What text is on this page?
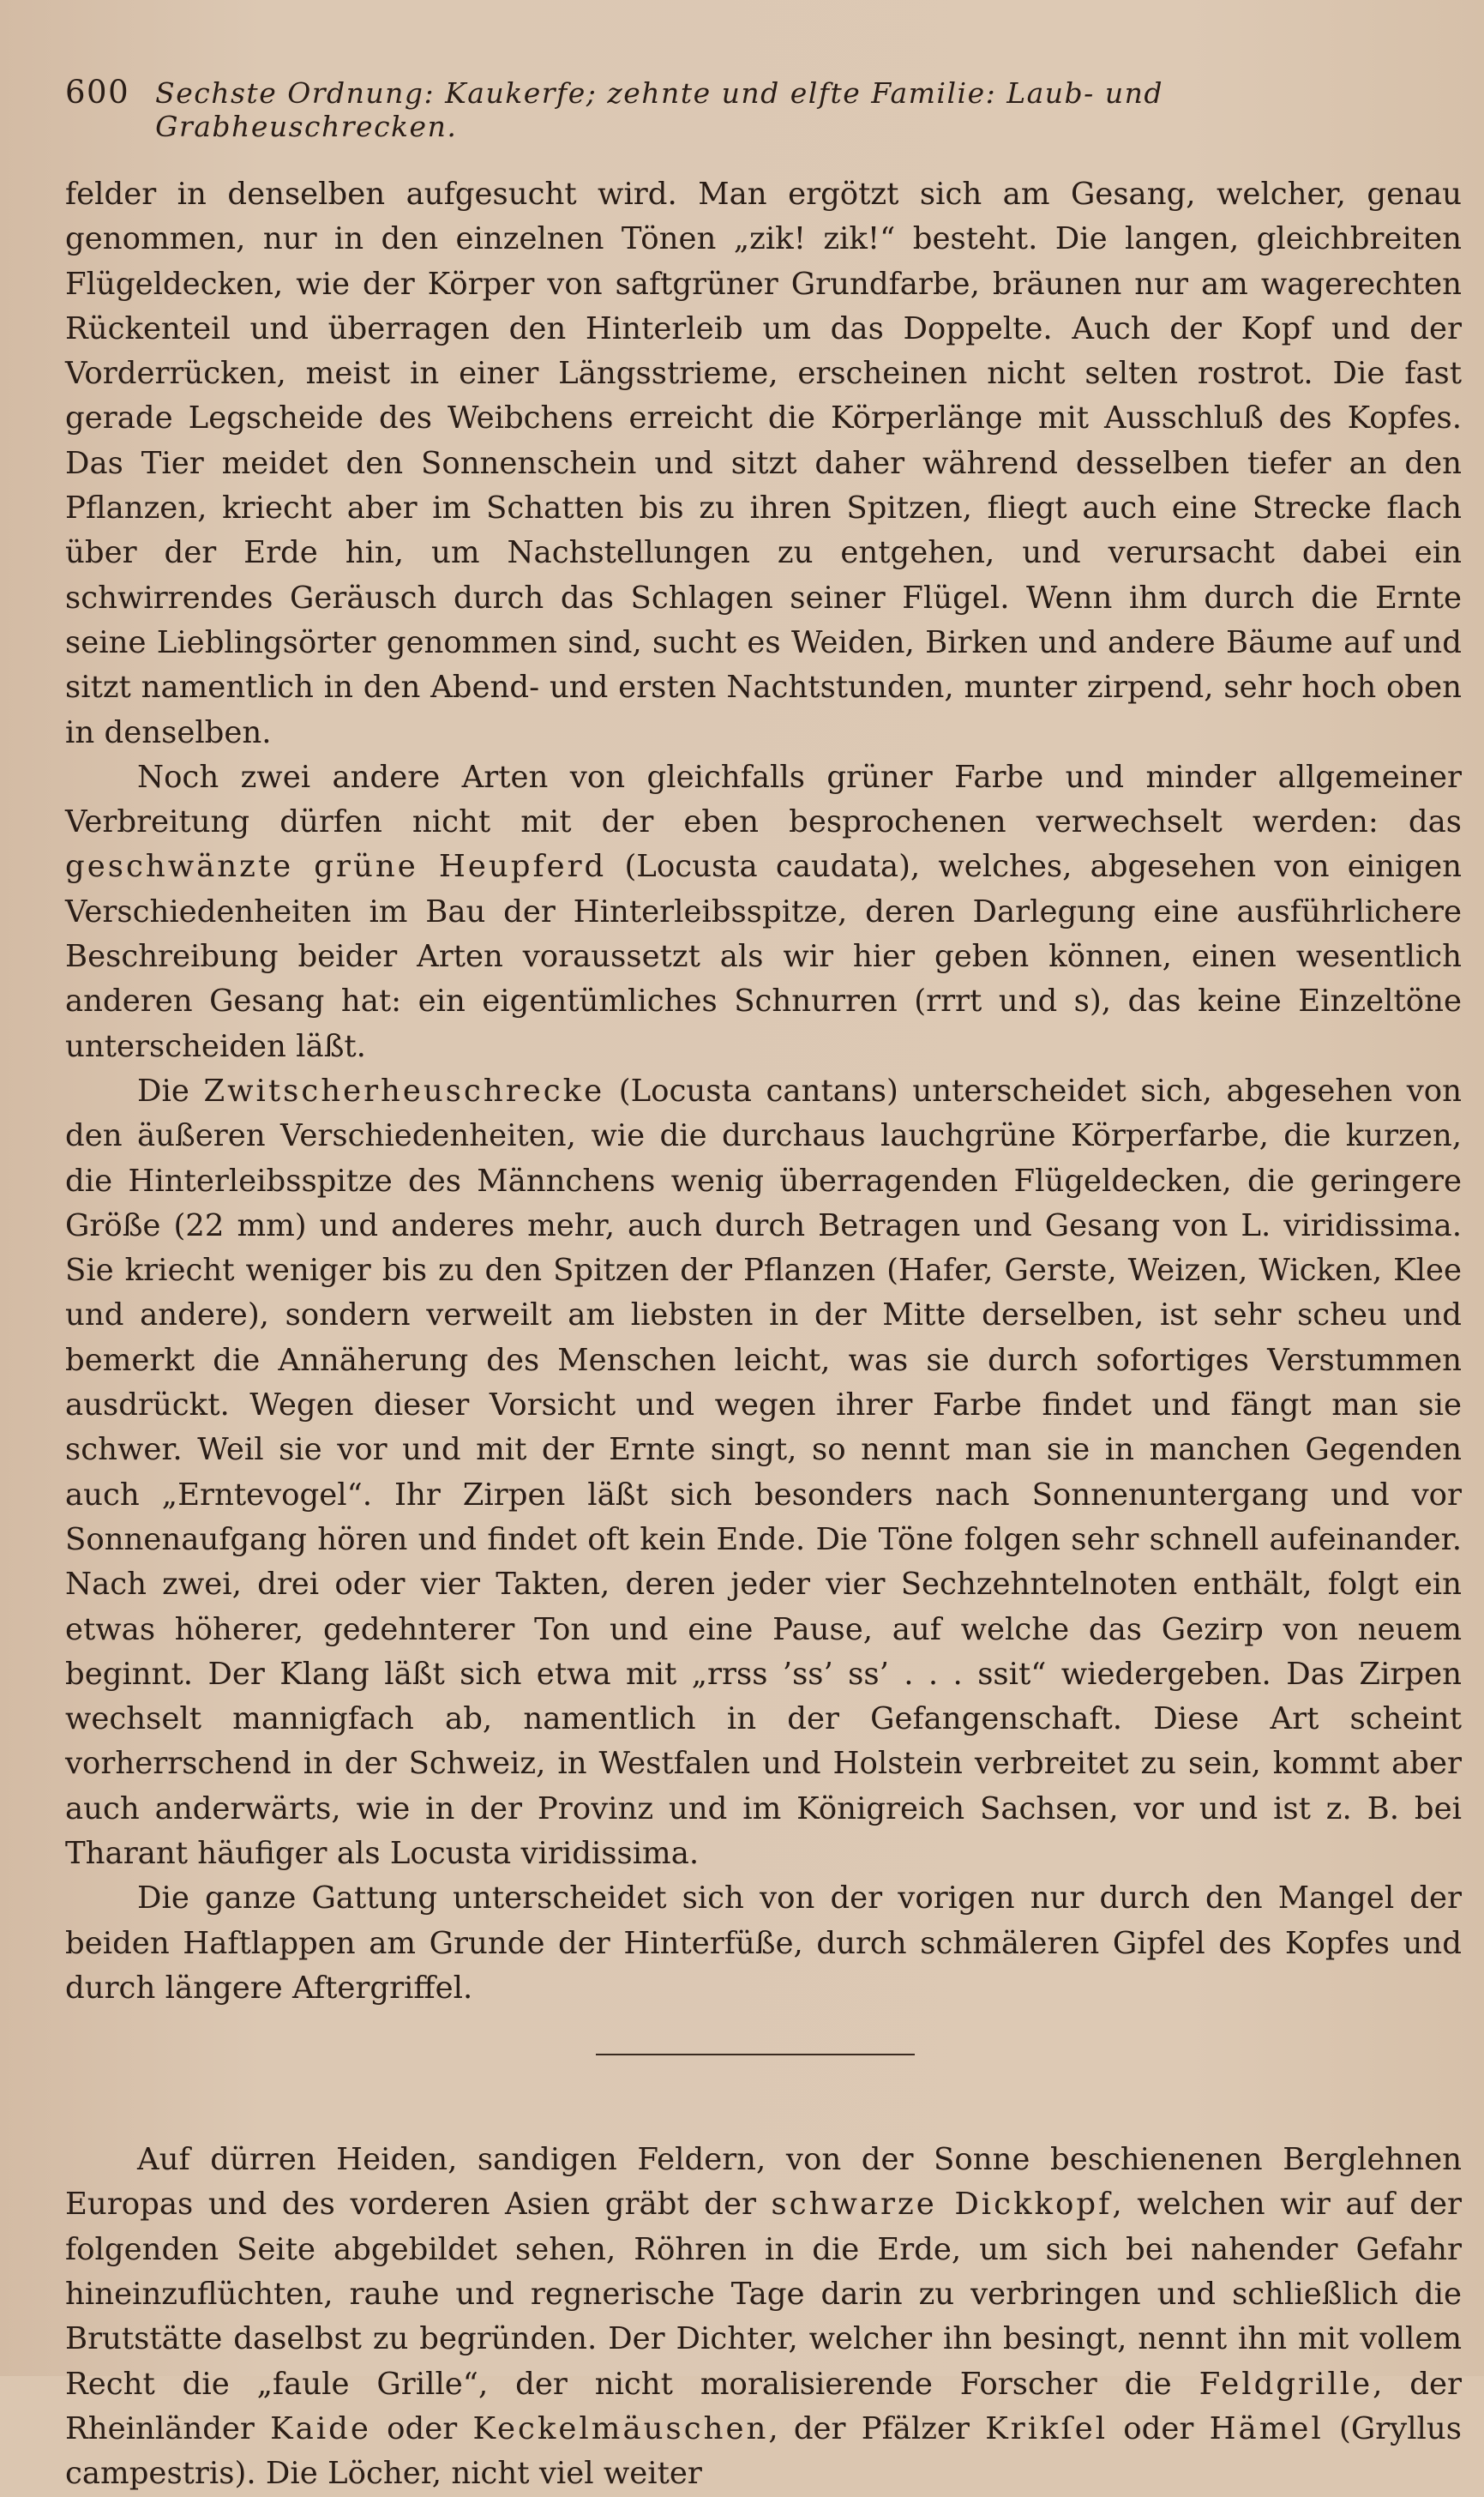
600 Sechste Ordnung: Kaukerfe; zehnte und elfte Familie: Laub- und Grabheuschrecken.

felder in denselben aufgesucht wird. Man ergötzt sich am Gesang, welcher, genau genommen, nur in den einzelnen Tönen „zik! zik!“ besteht. Die langen, gleichbreiten Flügeldecken, wie der Körper von saftgrüner Grundfarbe, bräunen nur am wagerechten Rückenteil und überragen den Hinterleib um das Doppelte. Auch der Kopf und der Vorderrücken, meist in einer Längsstrieme, erscheinen nicht selten rostrot. Die fast gerade Legscheide des Weibchens erreicht die Körperlänge mit Ausschluß des Kopfes. Das Tier meidet den Sonnenschein und sitzt daher während desselben tiefer an den Pflanzen, kriecht aber im Schatten bis zu ihren Spitzen, fliegt auch eine Strecke flach über der Erde hin, um Nachstellungen zu entgehen, und verursacht dabei ein schwirrendes Geräusch durch das Schlagen seiner Flügel. Wenn ihm durch die Ernte seine Lieblingsörter genommen sind, sucht es Weiden, Birken und andere Bäume auf und sitzt namentlich in den Abend- und ersten Nachtstunden, munter zirpend, sehr hoch oben in denselben.

Noch zwei andere Arten von gleichfalls grüner Farbe und minder allgemeiner Verbreitung dürfen nicht mit der eben besprochenen verwechselt werden: das geschwänzte grüne Heupferd (Locusta caudata), welches, abgesehen von einigen Verschiedenheiten im Bau der Hinterleibsspitze, deren Darlegung eine ausführlichere Beschreibung beider Arten voraussetzt als wir hier geben können, einen wesentlich anderen Gesang hat: ein eigentümliches Schnurren (rrrt und s), das keine Einzeltöne unterscheiden läßt.

Die Zwitscherheuschrecke (Locusta cantans) unterscheidet sich, abgesehen von den äußeren Verschiedenheiten, wie die durchaus lauchgrüne Körperfarbe, die kurzen, die Hinterleibsspitze des Männchens wenig überragenden Flügeldecken, die geringere Größe (22 mm) und anderes mehr, auch durch Betragen und Gesang von L. viridissima. Sie kriecht weniger bis zu den Spitzen der Pflanzen (Hafer, Gerste, Weizen, Wicken, Klee und andere), sondern verweilt am liebsten in der Mitte derselben, ist sehr scheu und bemerkt die Annäherung des Menschen leicht, was sie durch sofortiges Verstummen ausdrückt. Wegen dieser Vorsicht und wegen ihrer Farbe findet und fängt man sie schwer. Weil sie vor und mit der Ernte singt, so nennt man sie in manchen Gegenden auch „Erntevogel“. Ihr Zirpen läßt sich besonders nach Sonnenuntergang und vor Sonnenaufgang hören und findet oft kein Ende. Die Töne folgen sehr schnell aufeinander. Nach zwei, drei oder vier Takten, deren jeder vier Sechzehntelnoten enthält, folgt ein etwas höherer, gedehnterer Ton und eine Pause, auf welche das Gezirp von neuem beginnt. Der Klang läßt sich etwa mit „rrss ’ss’ ss’ . . . ssit“ wiedergeben. Das Zirpen wechselt mannigfach ab, namentlich in der Gefangenschaft. Diese Art scheint vorherrschend in der Schweiz, in Westfalen und Holstein verbreitet zu sein, kommt aber auch anderwärts, wie in der Provinz und im Königreich Sachsen, vor und ist z. B. bei Tharant häufiger als Locusta viridissima.

Die ganze Gattung unterscheidet sich von der vorigen nur durch den Mangel der beiden Haftlappen am Grunde der Hinterfüße, durch schmäleren Gipfel des Kopfes und durch längere Aftergriffel.

Auf dürren Heiden, sandigen Feldern, von der Sonne beschienenen Berglehnen Europas und des vorderen Asien gräbt der schwarze Dickkopf, welchen wir auf der folgenden Seite abgebildet sehen, Röhren in die Erde, um sich bei nahender Gefahr hineinzuflüchten, rauhe und regnerische Tage darin zu verbringen und schließlich die Brutstätte daselbst zu begründen. Der Dichter, welcher ihn besingt, nennt ihn mit vollem Recht die „faule Grille“, der nicht moralisierende Forscher die Feldgrille, der Rheinländer Kaide oder Keckelmäuschen, der Pfälzer Krikſel oder Hämel (Gryllus campestris). Die Löcher, nicht viel weiter
